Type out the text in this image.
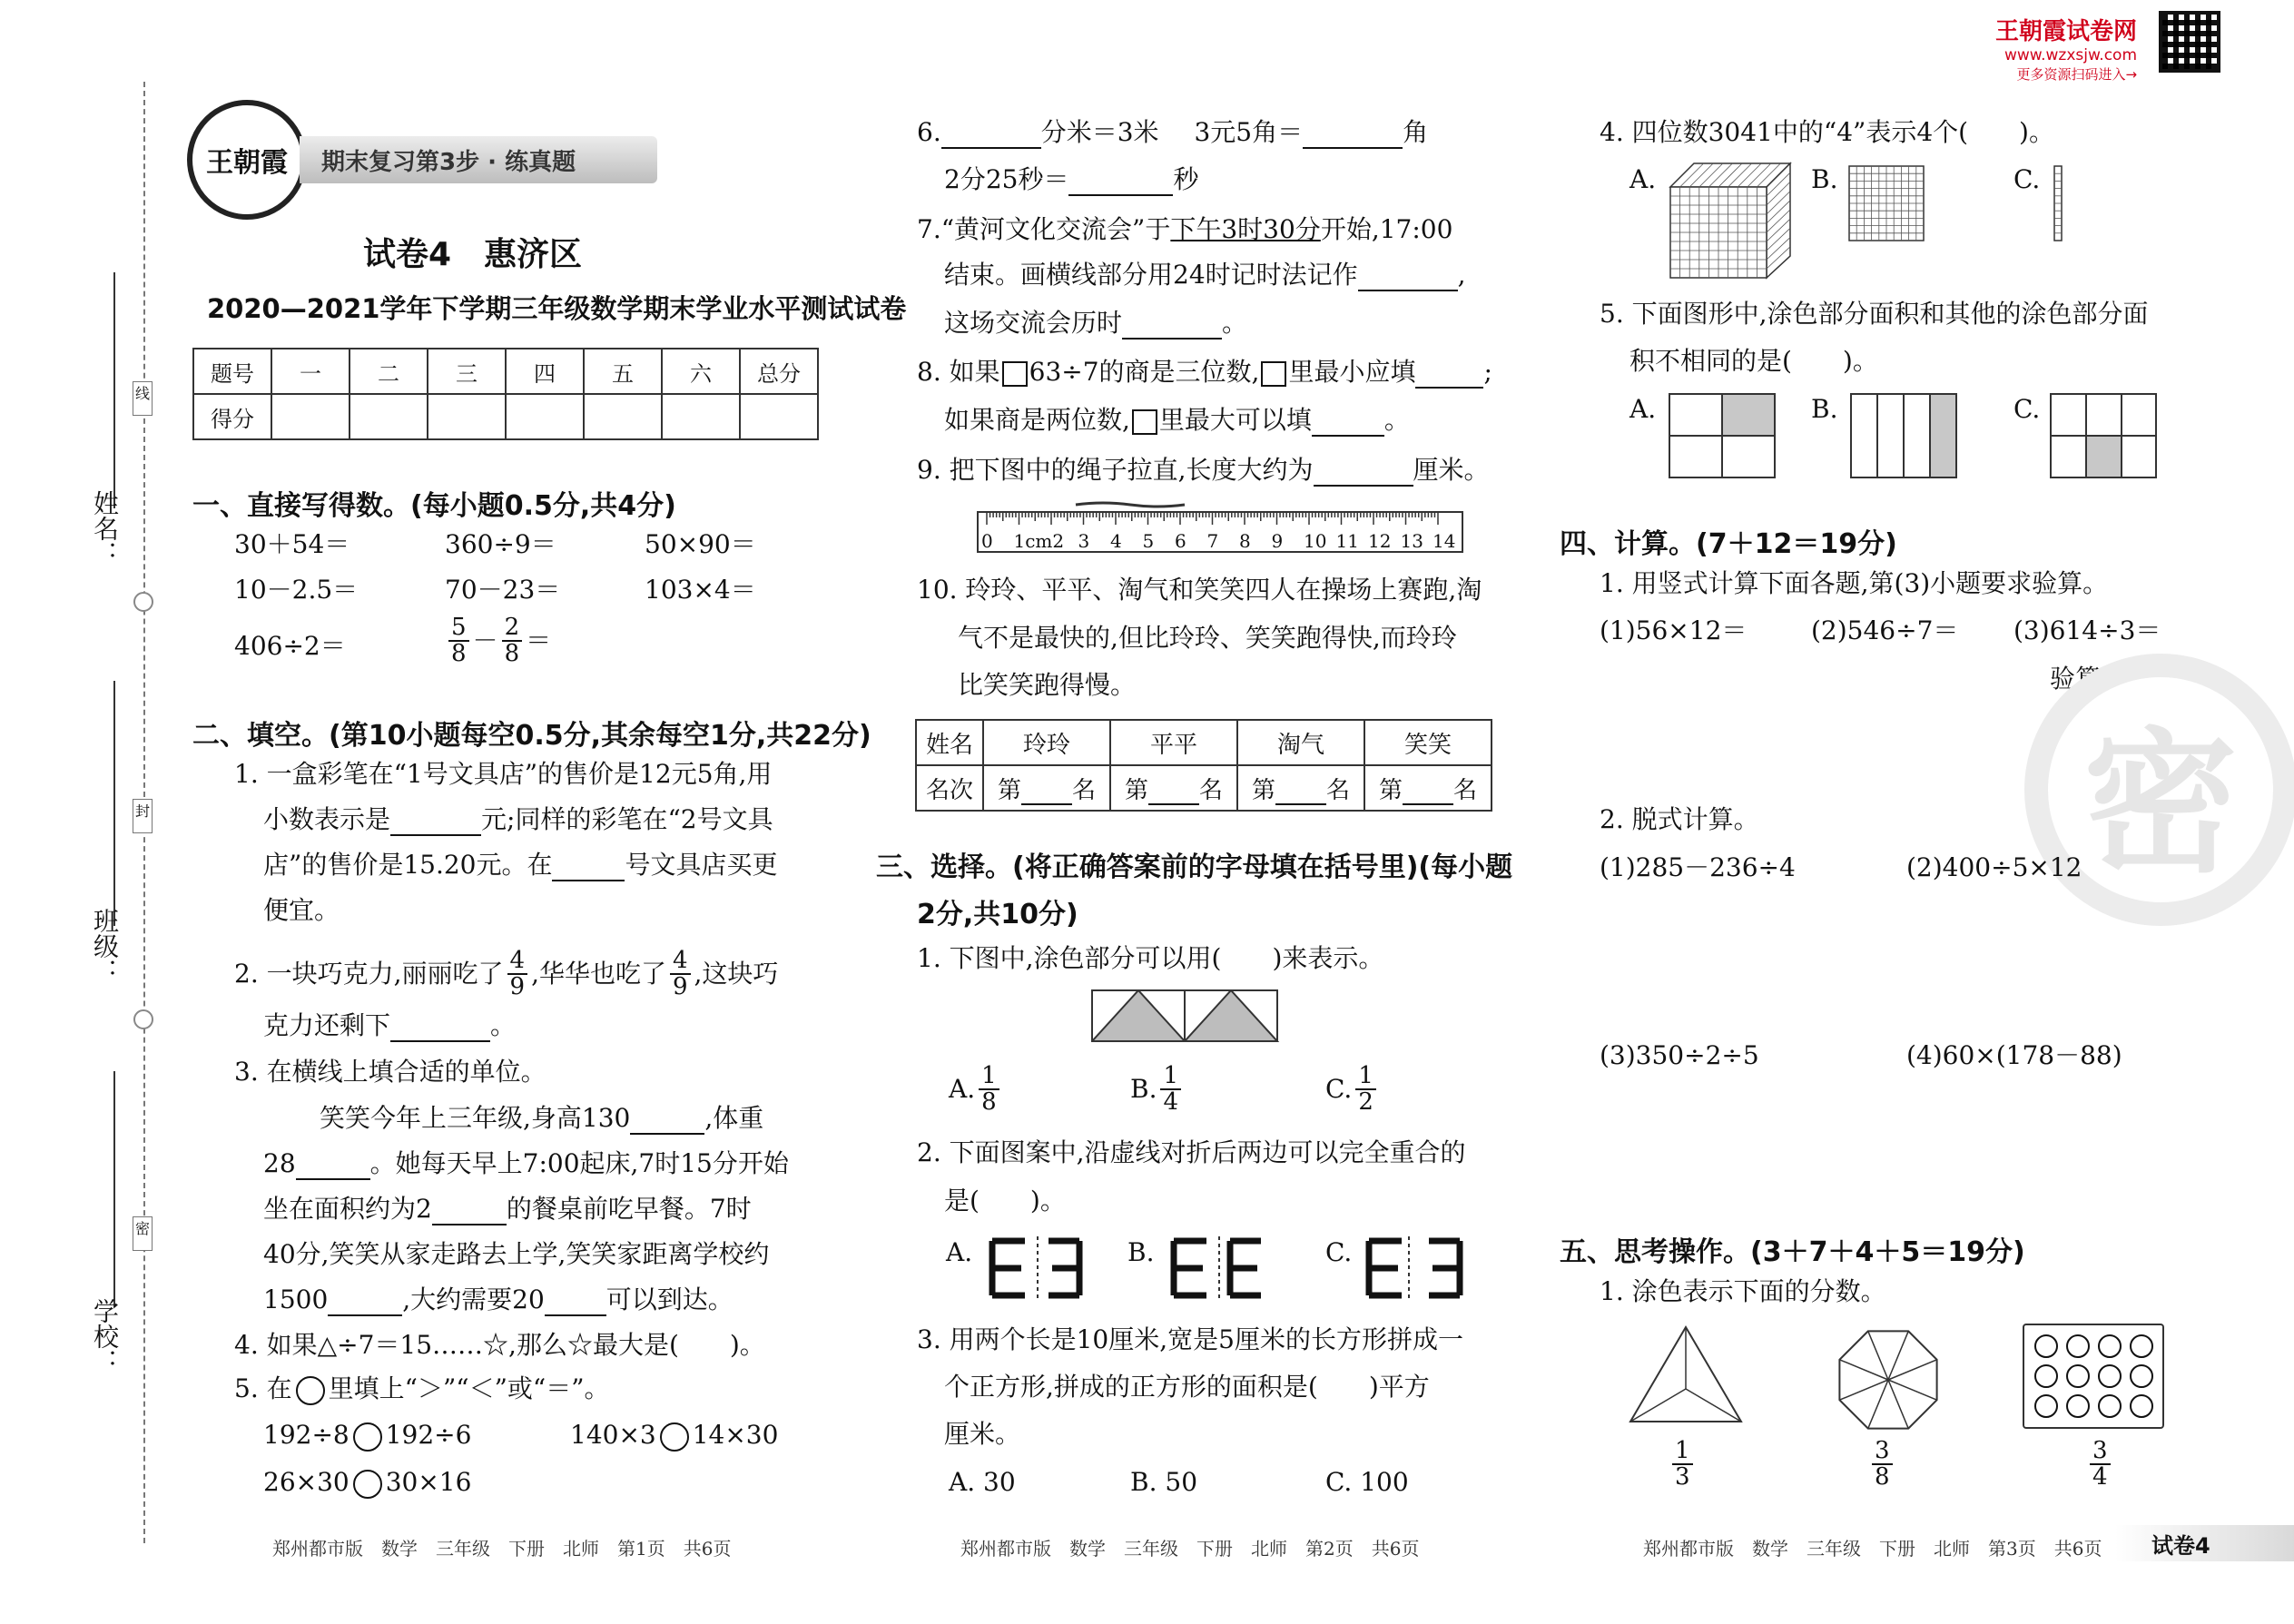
线
封
密
姓名：
班级：
学校：
王朝霞 期末复习第3步 · 练真题
试卷4　惠济区
2020—2021学年下学期三年级数学期末学业水平测试试卷
题号	一	二	三	四	五	六	总分
得分							
一、直接写得数。(每小题0.5分,共4分)
30＋54＝	360÷9＝	50×90＝
10－2.5＝	70－23＝	103×4＝
406÷2＝	$\frac{5}{8} - \frac{2}{8}$ ＝
二、填空。(第10小题每空0.5分,其余每空1分,共22分)
1. 一盒彩笔在“1号文具店”的售价是12元5角,用
小数表示是	元;同样的彩笔在“2号文具
店”的售价是15.20元。在	号文具店买更
便宜。
2. 一块巧克力,丽丽吃了 $\frac{4}{9}$ ,华华也吃了 $\frac{4}{9}$ ,这块巧
克力还剩下	。
3. 在横线上填合适的单位。
笑笑今年上三年级,身高130	,体重
28	。她每天早上7:00起床,7时15分开始
坐在面积约为2	的餐桌前吃早餐。7时
40分,笑笑从家走路去上学,笑笑家距离学校约
1500	,大约需要20 可以到达。
4. 如果△÷7＝15……☆,那么☆最大是(　　)。
5. 在 里填上“＞”“＜”或“＝”。
192÷8 192÷6	140×3 14×30
26×30 30×16
郑州都市版　数学　三年级　下册　北师　第1页　共6页
6.	分米＝3米 3元5角＝	角
2分25秒＝	秒
7.“黄河文化交流会”于下午3时30分开始,17:00
结束。画横线部分用24时记时法记作	,
这场交流会历时	。
8. 如果 63÷7的商是三位数, 里最小应填	;
如果商是两位数, 里最大可以填	。
9. 把下图中的绳子拉直,长度大约为	厘米。
0 1cm2 3 4 5 6 7 8 9 10 11 12 13 14
10. 玲玲、平平、淘气和笑笑四人在操场上赛跑,淘
气不是最快的,但比玲玲、笑笑跑得快,而玲玲
比笑笑跑得慢。
姓名	玲玲	平平	淘气	笑笑
名次	第 名	第 名	第 名	第 名
三、选择。(将正确答案前的字母填在括号里)(每小题
2分,共10分)
1. 下图中,涂色部分可以用(　　)来表示。
A. $\frac{1}{8}$	B. $\frac{1}{4}$	C. $\frac{1}{2}$
2. 下面图案中,沿虚线对折后两边可以完全重合的
是(　　)。
A.	B.	C.
3. 用两个长是10厘米,宽是5厘米的长方形拼成一
个正方形,拼成的正方形的面积是(　　)平方
厘米。
A. 30	B. 50	C. 100
郑州都市版　数学　三年级　下册　北师　第2页　共6页
王朝霞试卷网
www.wzxsjw.com
更多资源扫码进入→
4. 四位数3041中的“4”表示4个(　　)。
A.	B.	C.
5. 下面图形中,涂色部分面积和其他的涂色部分面
积不相同的是(　　)。
A.	B.	C.
四、计算。(7＋12＝19分)
1. 用竖式计算下面各题,第(3)小题要求验算。
(1)56×12＝	(2)546÷7＝ (3)614÷3＝
验算:
密
2. 脱式计算。
(1)285－236÷4	(2)400÷5×12
(3)350÷2÷5	(4)60×(178－88)
五、思考操作。(3＋7＋4＋5＝19分)
1. 涂色表示下面的分数。
$\frac{1}{3}$	$\frac{3}{8}$	$\frac{3}{4}$
郑州都市版　数学　三年级　下册　北师　第3页　共6页 试卷4
